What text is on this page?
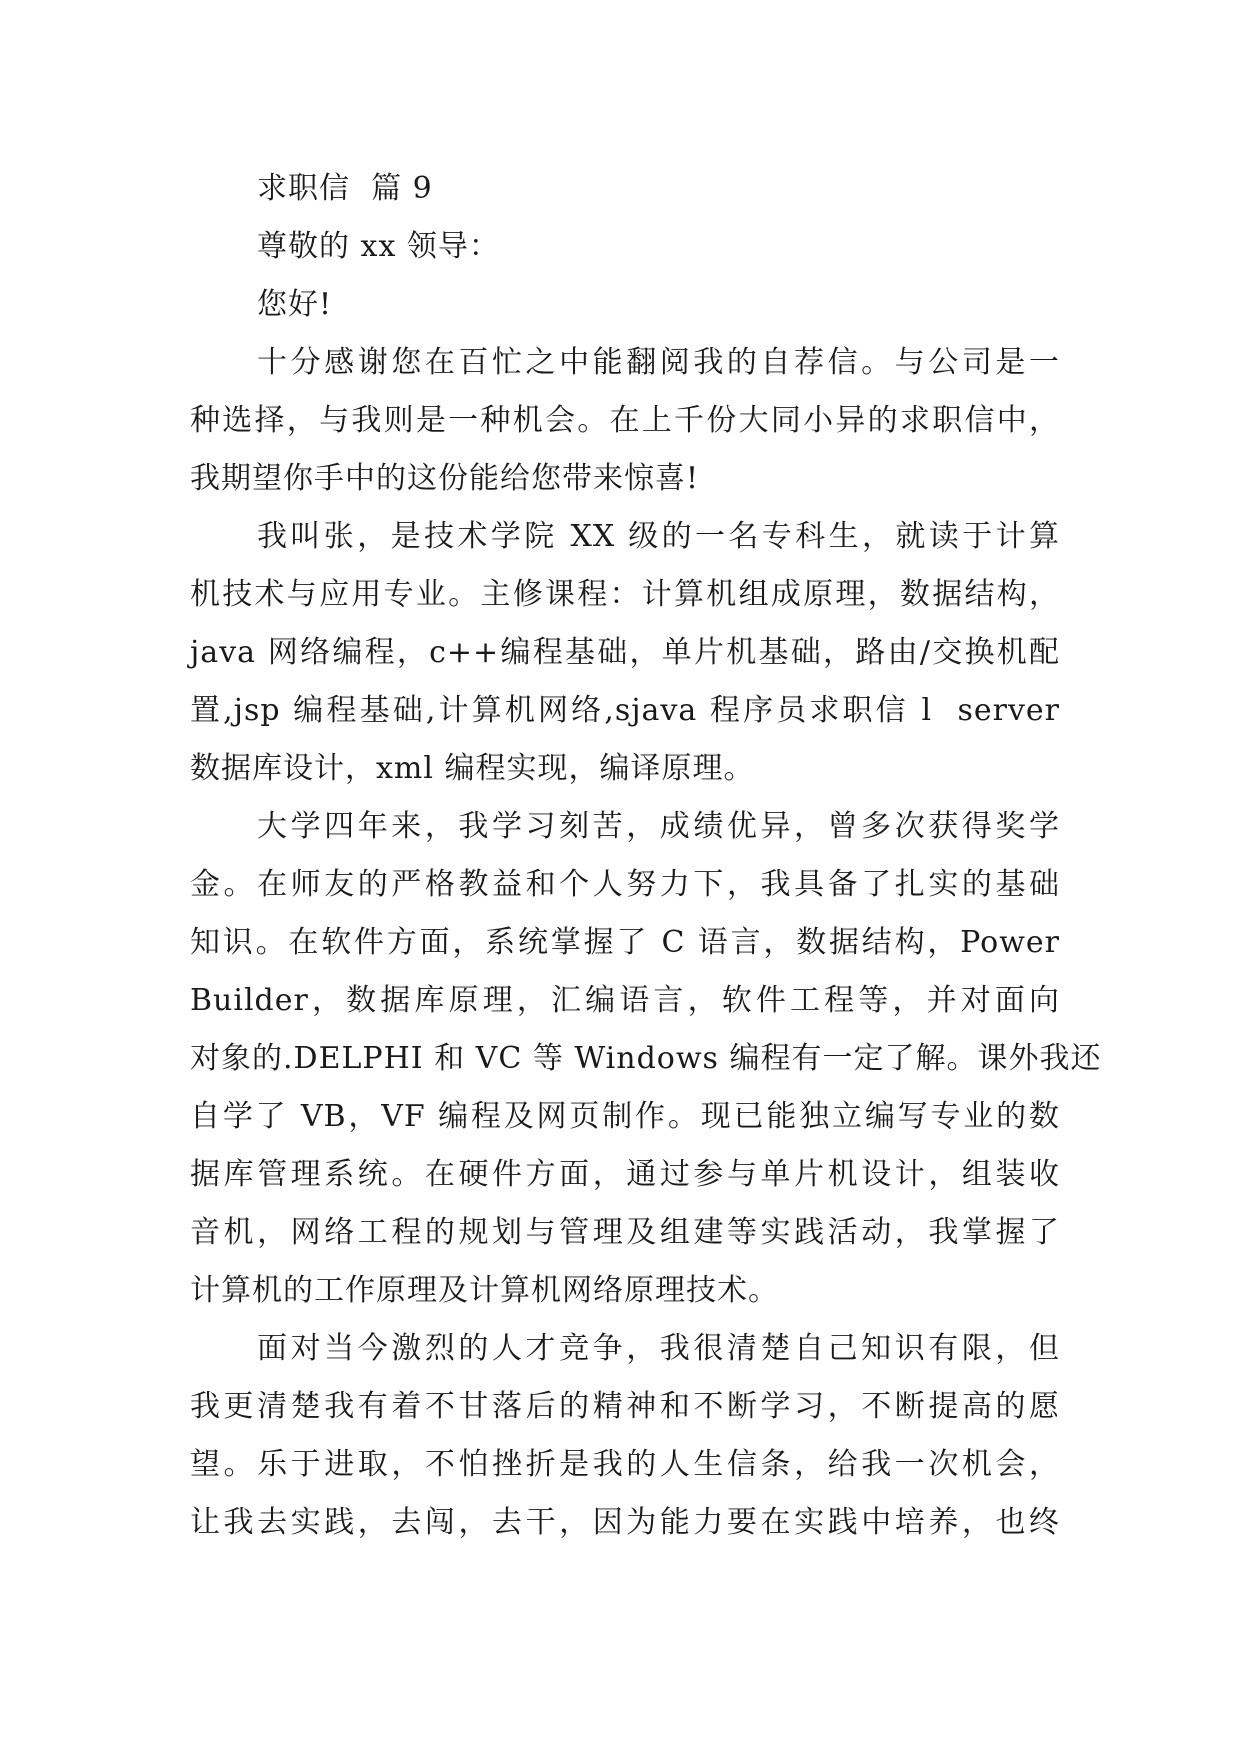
求职信  篇 9
尊敬的 xx 领导：
您好!
十分感谢您在百忙之中能翻阅我的自荐信。与公司是一
种选择，与我则是一种机会。在上千份大同小异的求职信中，
我期望你手中的这份能给您带来惊喜!
我叫张，是技术学院 XX 级的一名专科生，就读于计算
机技术与应用专业。主修课程：计算机组成原理，数据结构，
java 网络编程，c++编程基础，单片机基础，路由/交换机配
置,jsp 编程基础,计算机网络,sjava 程序员求职信 l  server
数据库设计，xml 编程实现，编译原理。
大学四年来，我学习刻苦，成绩优异，曾多次获得奖学
金。在师友的严格教益和个人努力下，我具备了扎实的基础
知识。在软件方面，系统掌握了 C 语言，数据结构，Power
Builder，数据库原理，汇编语言，软件工程等，并对面向
对象的.DELPHI 和 VC 等 Windows 编程有一定了解。课外我还
自学了 VB，VF 编程及网页制作。现已能独立编写专业的数
据库管理系统。在硬件方面，通过参与单片机设计，组装收
音机，网络工程的规划与管理及组建等实践活动，我掌握了
计算机的工作原理及计算机网络原理技术。
面对当今激烈的人才竞争，我很清楚自己知识有限，但
我更清楚我有着不甘落后的精神和不断学习，不断提高的愿
望。乐于进取，不怕挫折是我的人生信条，给我一次机会，
让我去实践，去闯，去干，因为能力要在实践中培养，也终
